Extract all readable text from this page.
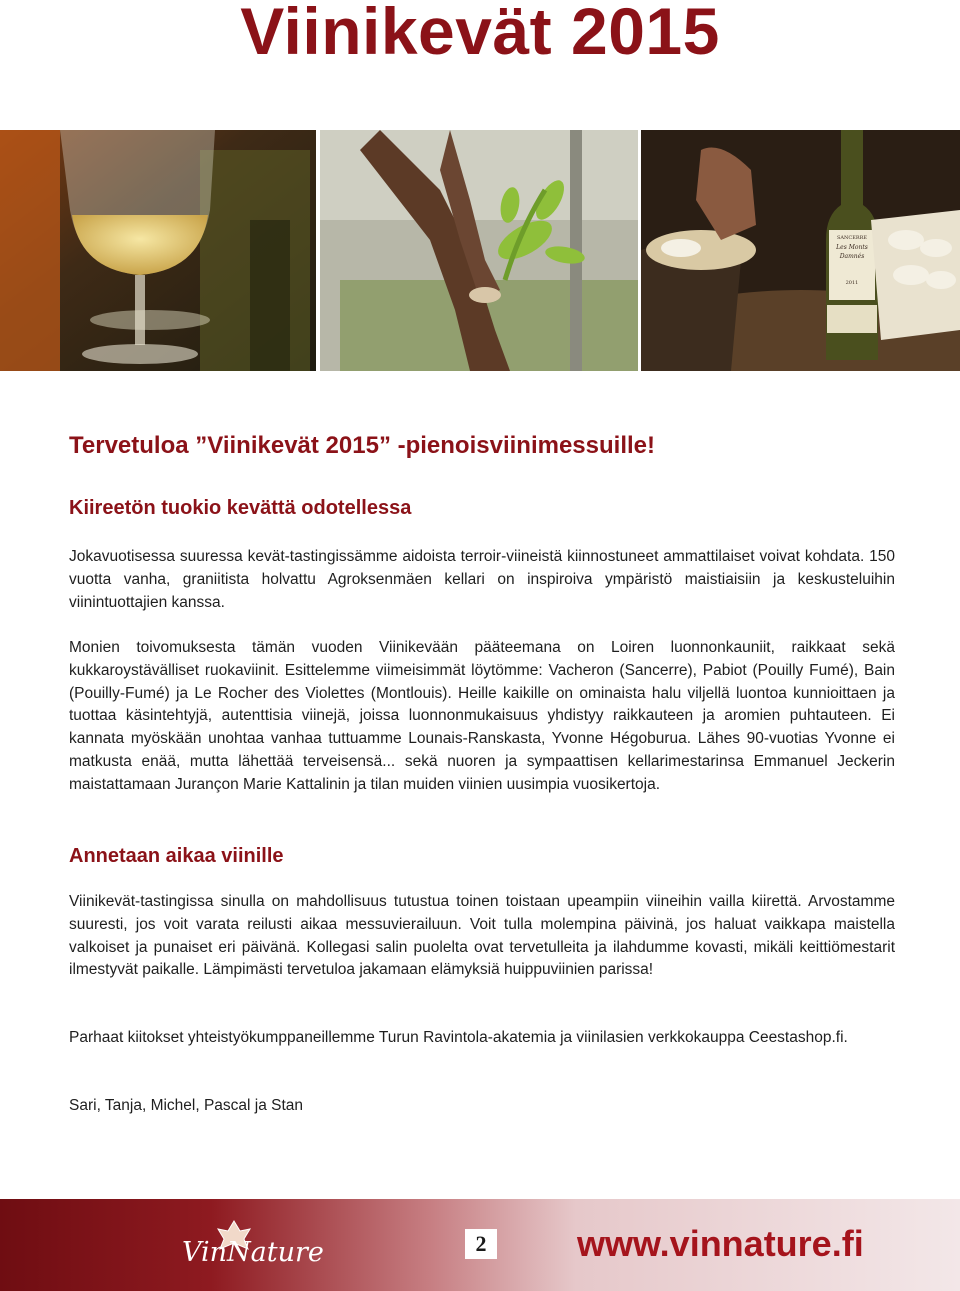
Viinikevät 2015
SANCERRE
Les Monts Damnés
2011
Tervetuloa ”Viinikevät 2015” -pienoisviinimessuille!
Kiireetön tuokio kevättä odotellessa

Jokavuotisessa suuressa kevät-tastingissämme aidoista terroir-viineistä kiinnostuneet ammattilaiset voivat kohdata. 150 vuotta vanha, graniitista holvattu Agroksenmäen kellari on inspiroiva ympäristö maistiaisiin ja keskusteluihin viinintuottajien kanssa.

Monien toivomuksesta tämän vuoden Viinikevään pääteemana on Loiren luonnonkauniit, raikkaat sekä kukkaroystävälliset ruokaviinit. Esittelemme viimeisimmät löytömme: Vacheron (Sancerre), Pabiot (Pouilly Fumé), Bain (Pouilly-Fumé) ja Le Rocher des Violettes (Montlouis). Heille kaikille on ominaista halu viljellä luontoa kunnioittaen ja tuottaa käsintehtyjä, autenttisia viinejä, joissa luonnonmukaisuus yhdistyy raikkauteen ja aromien puhtauteen. Ei kannata myöskään unohtaa vanhaa tuttuamme Lounais-Ranskasta, Yvonne Hégoburua. Lähes 90-vuotias Yvonne ei matkusta enää, mutta lähettää terveisensä... sekä nuoren ja sympaattisen kellarimestarinsa Emmanuel Jeckerin maistattamaan Jurançon Marie Kattalinin ja tilan muiden viinien uusimpia vuosikertoja.

Annetaan aikaa viinille

Viinikevät-tastingissa sinulla on mahdollisuus tutustua toinen toistaan upeampiin viineihin vailla kiirettä. Arvostamme suuresti, jos voit varata reilusti aikaa messuvierailuun. Voit tulla molempina päivinä, jos haluat vaikkapa maistella valkoiset ja punaiset eri päivänä. Kollegasi salin puolelta ovat tervetulleita ja ilahdumme kovasti, mikäli keittiömestarit ilmestyvät paikalle. Lämpimästi tervetuloa jakamaan elämyksiä huippuviinien parissa!

Parhaat kiitokset yhteistyökumppaneillemme Turun Ravintola-akatemia ja viinilasien verkkokauppa Ceestashop.fi.

Sari, Tanja, Michel, Pascal ja Stan

VinNature	2	www.vinnature.fi
